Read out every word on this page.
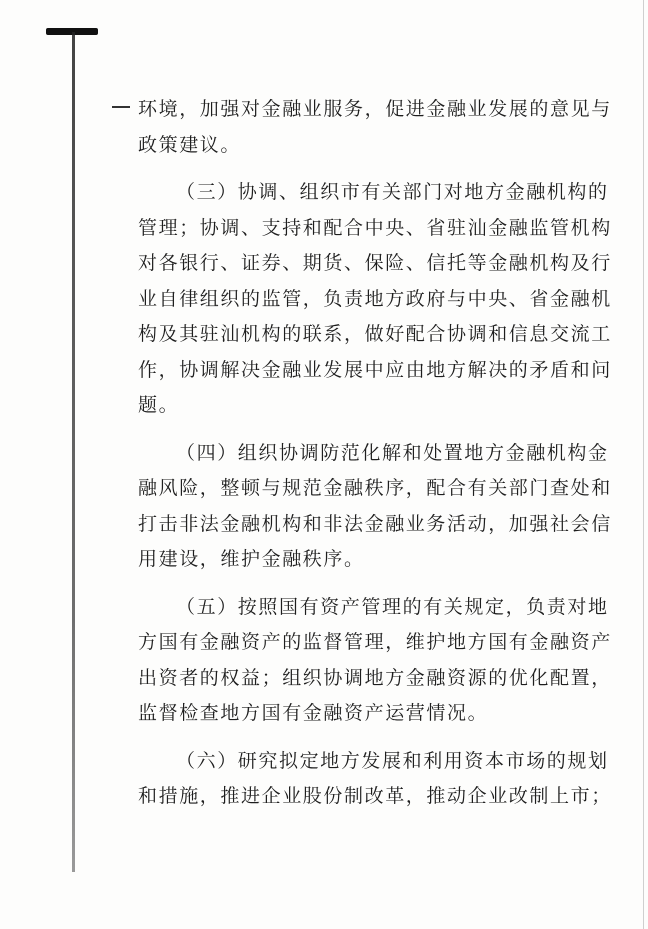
环境，加强对金融业服务，促进金融业发展的意见与
政策建议。
（三）协调、组织市有关部门对地方金融机构的
管理；协调、支持和配合中央、省驻汕金融监管机构
对各银行、证券、期货、保险、信托等金融机构及行
业自律组织的监管，负责地方政府与中央、省金融机
构及其驻汕机构的联系，做好配合协调和信息交流工
作，协调解决金融业发展中应由地方解决的矛盾和问
题。
（四）组织协调防范化解和处置地方金融机构金
融风险，整顿与规范金融秩序，配合有关部门查处和
打击非法金融机构和非法金融业务活动，加强社会信
用建设，维护金融秩序。
（五）按照国有资产管理的有关规定，负责对地
方国有金融资产的监督管理，维护地方国有金融资产
出资者的权益；组织协调地方金融资源的优化配置，
监督检查地方国有金融资产运营情况。
（六）研究拟定地方发展和利用资本市场的规划
和措施，推进企业股份制改革，推动企业改制上市；
